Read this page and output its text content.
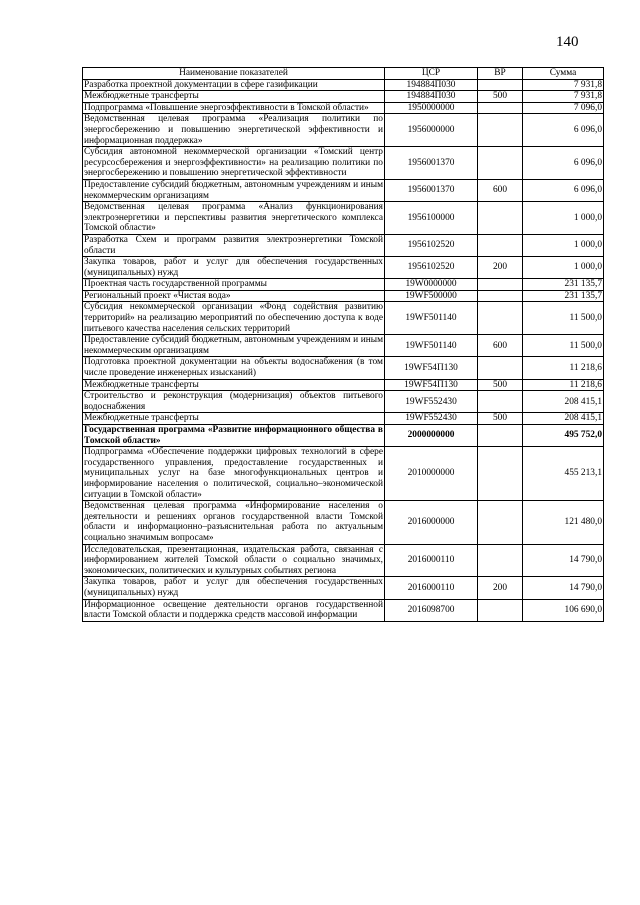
140
Наименование показателей	ЦСР	ВР	Сумма
Разработка проектной документации в сфере газификации	194884П030		7 931,8
Межбюджетные трансферты	194884П030	500	7 931,8
Подпрограмма «Повышение энергоэффективности в Томской области»	1950000000		7 096,0
Ведомственная целевая программа «Реализация политики по энергосбережению и повышению энергетической эффективности и информационная поддержка»	1956000000		6 096,0
Субсидия автономной некоммерческой организации «Томский центр ресурсосбережения и энергоэффективности» на реализацию политики по энергосбережению и повышению энергетической эффективности	1956001370		6 096,0
Предоставление субсидий бюджетным, автономным учреждениям и иным некоммерческим организациям	1956001370	600	6 096,0
Ведомственная целевая программа «Анализ функционирования электроэнергетики и перспективы развития энергетического комплекса Томской области»	1956100000		1 000,0
Разработка Схем и программ развития электроэнергетики Томской области	1956102520		1 000,0
Закупка товаров, работ и услуг для обеспечения государственных (муниципальных) нужд	1956102520	200	1 000,0
Проектная часть государственной программы	19W0000000		231 135,7
Региональный проект «Чистая вода»	19WF500000		231 135,7
Субсидия некоммерческой организации «Фонд содействия развитию территорий» на реализацию мероприятий по обеспечению доступа к воде питьевого качества населения сельских территорий	19WF501140		11 500,0
Предоставление субсидий бюджетным, автономным учреждениям и иным некоммерческим организациям	19WF501140	600	11 500,0
Подготовка проектной документации на объекты водоснабжения (в том числе проведение инженерных изысканий)	19WF54П130		11 218,6
Межбюджетные трансферты	19WF54П130	500	11 218,6
Строительство и реконструкция (модернизация) объектов питьевого водоснабжения	19WF552430		208 415,1
Межбюджетные трансферты	19WF552430	500	208 415,1
Государственная программа «Развитие информационного общества в Томской области»	2000000000		495 752,0
Подпрограмма «Обеспечение поддержки цифровых технологий в сфере государственного управления, предоставление государственных и муниципальных услуг на базе многофункциональных центров и информирование населения о политической, социально–экономической ситуации в Томской области»	2010000000		455 213,1
Ведомственная целевая программа «Информирование населения о деятельности и решениях органов государственной власти Томской области и информационно–разъяснительная работа по актуальным социально значимым вопросам»	2016000000		121 480,0
Исследовательская, презентационная, издательская работа, связанная с информированием жителей Томской области о социально значимых, экономических, политических и культурных событиях региона	2016000110		14 790,0
Закупка товаров, работ и услуг для обеспечения государственных (муниципальных) нужд	2016000110	200	14 790,0
Информационное освещение деятельности органов государственной власти Томской области и поддержка средств массовой информации	2016098700		106 690,0
